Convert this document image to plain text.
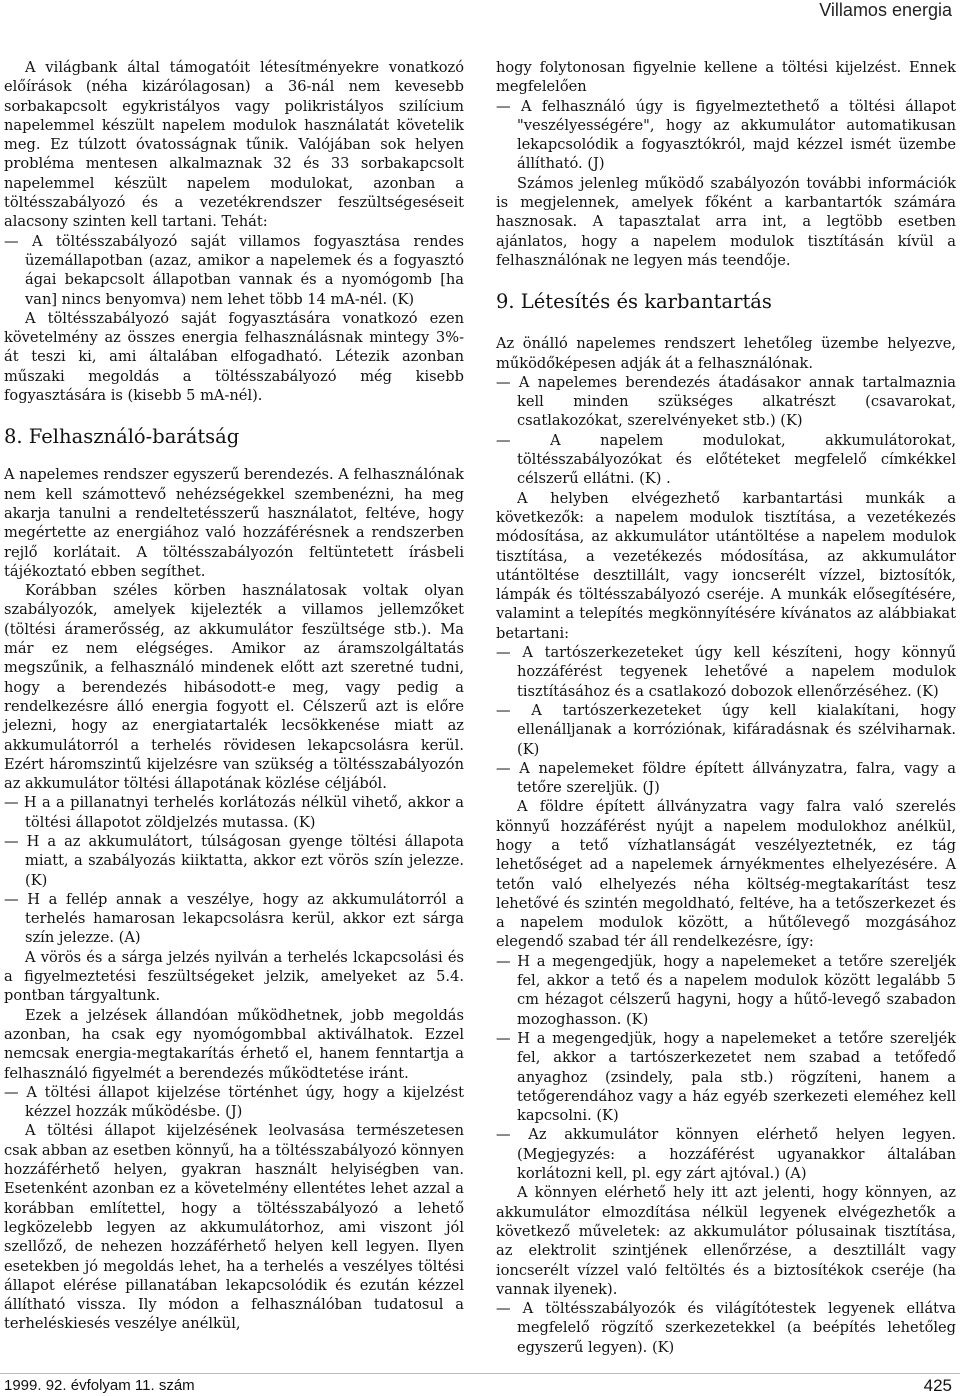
Villamos energia

A világbank által támogatóit létesítményekre vonatkozó előírások (néha kizárólagosan) a 36-nál nem kevesebb sorbakapcsolt egykristályos vagy polikristályos szilícium napelemmel készült napelem modulok használatát követelik meg. Ez túlzott óvatosságnak tűnik. Valójában sok helyen probléma mentesen alkalmaznak 32 és 33 sorbakapcsolt napelemmel készült napelem modulokat, azonban a töltésszabályozó és a vezetékrendszer feszültségeséseit alacsony szinten kell tartani. Tehát:

— A töltésszabályozó saját villamos fogyasztása rendes üzemállapotban (azaz, amikor a napelemek és a fogyasztó ágai bekapcsolt állapotban vannak és a nyomógomb [ha van] nincs benyomva) nem lehet több 14 mA-nél. (K)

A töltésszabályozó saját fogyasztására vonatkozó ezen követelmény az összes energia felhasználásnak mintegy 3%-át teszi ki, ami általában elfogadható. Létezik azonban műszaki megoldás a töltésszabályozó még kisebb fogyasztására is (kisebb 5 mA-nél).

8. Felhasználó-barátság

A napelemes rendszer egyszerű berendezés. A felhasználónak nem kell számottevő nehézségekkel szembenézni, ha meg akarja tanulni a rendeltetésszerű használatot, feltéve, hogy megértette az energiához való hozzáférésnek a rendszerben rejlő korlátait. A töltésszabályozón feltüntetett írásbeli tájékoztató ebben segíthet.

Korábban széles körben használatosak voltak olyan szabályozók, amelyek kijelezték a villamos jellemzőket (töltési áramerősség, az akkumulátor feszültsége stb.). Ma már ez nem elégséges. Amikor az áramszolgáltatás megszűnik, a felhasználó mindenek előtt azt szeretné tudni, hogy a berendezés hibásodott-e meg, vagy pedig a rendelkezésre álló energia fogyott el. Célszerű azt is előre jelezni, hogy az energiatartalék lecsökkenése miatt az akkumulátorról a terhelés rövidesen lekapcsolásra kerül. Ezért háromszintű kijelzésre van szükség a töltésszabályozón az akkumulátor töltési állapotának közlése céljából.

— H a a pillanatnyi terhelés korlátozás nélkül vihető, akkor a töltési állapotot zöldjelzés mutassa. (K)

— H a az akkumulátort, túlságosan gyenge töltési állapota miatt, a szabályozás kiiktatta, akkor ezt vörös szín jelezze. (K)

— H a fellép annak a veszélye, hogy az akkumulátorról a terhelés hamarosan lekapcsolásra kerül, akkor ezt sárga szín jelezze. (A)

A vörös és a sárga jelzés nyilván a terhelés lckapcsolási és a figyelmeztetési feszültségeket jelzik, amelyeket az 5.4. pontban tárgyaltunk.

Ezek a jelzések állandóan működhetnek, jobb megoldás azonban, ha csak egy nyomógombbal aktiválhatok. Ezzel nemcsak energia-megtakarítás érhető el, hanem fenntartja a felhasználó figyelmét a berendezés működtetése iránt.

— A töltési állapot kijelzése történhet úgy, hogy a kijelzést kézzel hozzák működésbe. (J)

A töltési állapot kijelzésének leolvasása természetesen csak abban az esetben könnyű, ha a töltésszabályozó könnyen hozzáférhető helyen, gyakran használt helyiségben van. Esetenként azonban ez a követelmény ellentétes lehet azzal a korábban említettel, hogy a töltésszabályozó a lehető legközelebb legyen az akkumulátorhoz, ami viszont jól szellőző, de nehezen hozzáférhető helyen kell legyen. Ilyen esetekben jó megoldás lehet, ha a terhelés a veszélyes töltési állapot elérése pillanatában lekapcsolódik és ezután kézzel állítható vissza. Ily módon a felhasználóban tudatosul a terheléskiesés veszélye anélkül,

hogy folytonosan figyelnie kellene a töltési kijelzést. Ennek megfelelően

— A felhasználó úgy is figyelmeztethető a töltési állapot "veszélyességére", hogy az akkumulátor automatikusan lekapcsolódik a fogyasztókról, majd kézzel ismét üzembe állítható. (J)

Számos jelenleg működő szabályozón további információk is megjelennek, amelyek főként a karbantartók számára hasznosak. A tapasztalat arra int, a legtöbb esetben ajánlatos, hogy a napelem modulok tisztításán kívül a felhasználónak ne legyen más teendője.

9. Létesítés és karbantartás

Az önálló napelemes rendszert lehetőleg üzembe helyezve, működőképesen adják át a felhasználónak.

— A napelemes berendezés átadásakor annak tartalmaznia kell minden szükséges alkatrészt (csavarokat, csatlakozókat, szerelvényeket stb.) (K)

— A napelem modulokat, akkumulátorokat, töltésszabályozókat és előtéteket megfelelő címkékkel célszerű ellátni. (K) .

A helyben elvégezhető karbantartási munkák a következők: a napelem modulok tisztítása, a vezetékezés módosítása, az akkumulátor utántöltése a napelem modulok tisztítása, a vezetékezés módosítása, az akkumulátor utántöltése desztillált, vagy ioncserélt vízzel, biztosítók, lámpák és töltésszabályozó cseréje. A munkák elősegítésére, valamint a telepítés megkönnyítésére kívánatos az alábbiakat betartani:

— A tartószerkezeteket úgy kell készíteni, hogy könnyű hozzáférést tegyenek lehetővé a napelem modulok tisztításához és a csatlakozó dobozok ellenőrzéséhez. (K)

— A tartószerkezeteket úgy kell kialakítani, hogy ellenálljanak a korróziónak, kifáradásnak és szélviharnak. (K)

— A napelemeket földre épített állványzatra, falra, vagy a tetőre szereljük. (J)

A földre épített állványzatra vagy falra való szerelés könnyű hozzáférést nyújt a napelem modulokhoz anélkül, hogy a tető vízhatlanságát veszélyeztetnék, ez tág lehetőséget ad a napelemek árnyékmentes elhelyezésére. A tetőn való elhelyezés néha költség-megtakarítást tesz lehetővé és szintén megoldható, feltéve, ha a tetőszerkezet és a napelem modulok között, a hűtőlevegő mozgásához elegendő szabad tér áll rendelkezésre, így:

— H a megengedjük, hogy a napelemeket a tetőre szereljék fel, akkor a tető és a napelem modulok között legalább 5 cm hézagot célszerű hagyni, hogy a hűtő-levegő szabadon mozoghasson. (K)

— H a megengedjük, hogy a napelemeket a tetőre szereljék fel, akkor a tartószerkezetet nem szabad a tetőfedő anyaghoz (zsindely, pala stb.) rögzíteni, hanem a tetőgerendához vagy a ház egyéb szerkezeti eleméhez kell kapcsolni. (K)

— Az akkumulátor könnyen elérhető helyen legyen. (Megjegyzés: a hozzáférést ugyanakkor általában korlátozni kell, pl. egy zárt ajtóval.) (A)

A könnyen elérhető hely itt azt jelenti, hogy könnyen, az akkumulátor elmozdítása nélkül legyenek elvégezhetők a következő műveletek: az akkumulátor pólusainak tisztítása, az elektrolit szintjének ellenőrzése, a desztillált vagy ioncserélt vízzel való feltöltés és a biztosítékok cseréje (ha vannak ilyenek).

— A töltésszabályozók és világítótestek legyenek ellátva megfelelő rögzítő szerkezetekkel (a beépítés lehetőleg egyszerű legyen). (K)

1999. 92. évfolyam 11. szám	425
